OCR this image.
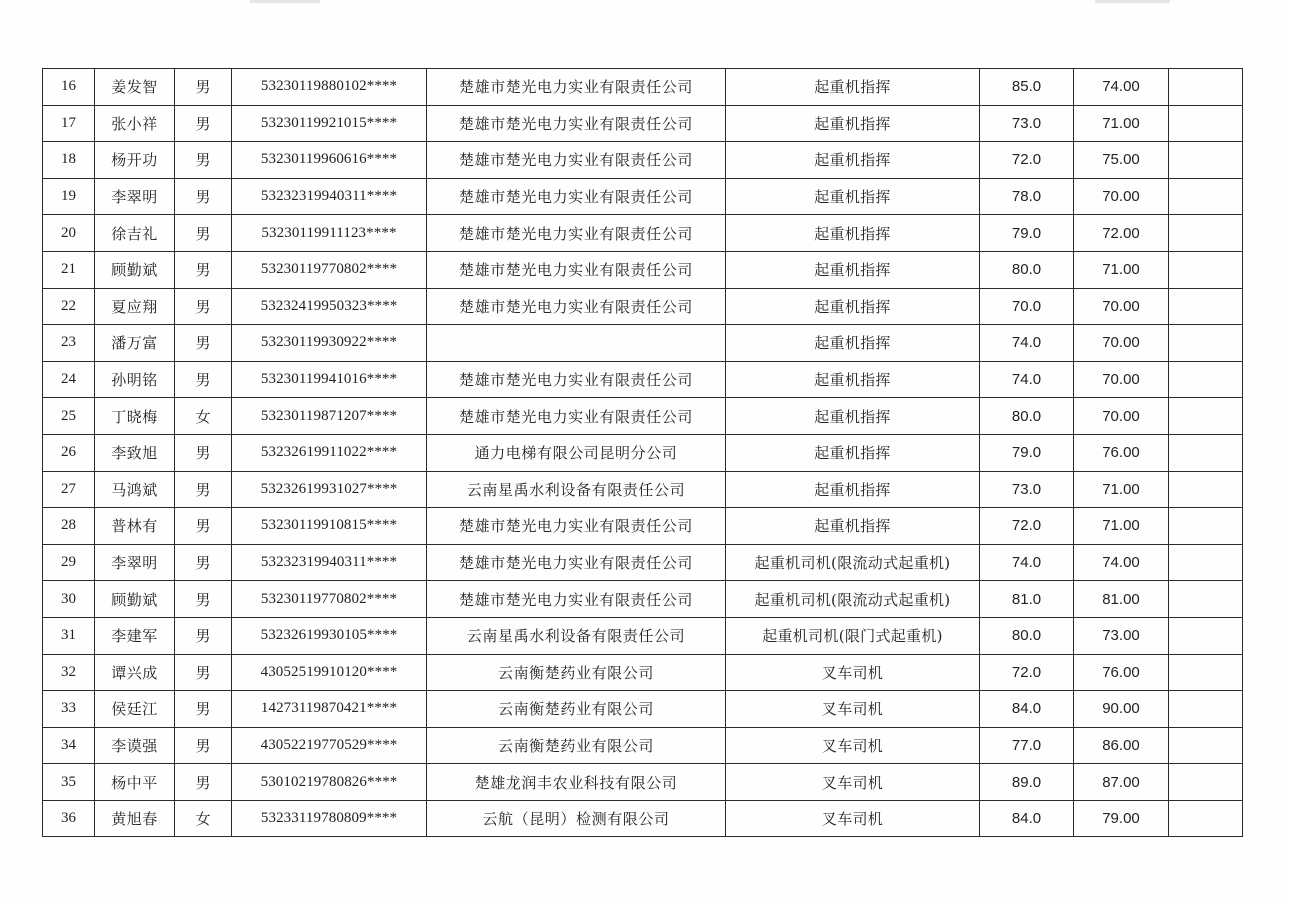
16	姜发智	男	53230119880102****	楚雄市楚光电力实业有限责任公司	起重机指挥	85.0	74.00	
17	张小祥	男	53230119921015****	楚雄市楚光电力实业有限责任公司	起重机指挥	73.0	71.00	
18	杨开功	男	53230119960616****	楚雄市楚光电力实业有限责任公司	起重机指挥	72.0	75.00	
19	李翠明	男	53232319940311****	楚雄市楚光电力实业有限责任公司	起重机指挥	78.0	70.00	
20	徐吉礼	男	53230119911123****	楚雄市楚光电力实业有限责任公司	起重机指挥	79.0	72.00	
21	顾勤斌	男	53230119770802****	楚雄市楚光电力实业有限责任公司	起重机指挥	80.0	71.00	
22	夏应翔	男	53232419950323****	楚雄市楚光电力实业有限责任公司	起重机指挥	70.0	70.00	
23	潘万富	男	53230119930922****		起重机指挥	74.0	70.00	
24	孙明铭	男	53230119941016****	楚雄市楚光电力实业有限责任公司	起重机指挥	74.0	70.00	
25	丁晓梅	女	53230119871207****	楚雄市楚光电力实业有限责任公司	起重机指挥	80.0	70.00	
26	李致旭	男	53232619911022****	通力电梯有限公司昆明分公司	起重机指挥	79.0	76.00	
27	马鸿斌	男	53232619931027****	云南星禹水利设备有限责任公司	起重机指挥	73.0	71.00	
28	普林有	男	53230119910815****	楚雄市楚光电力实业有限责任公司	起重机指挥	72.0	71.00	
29	李翠明	男	53232319940311****	楚雄市楚光电力实业有限责任公司	起重机司机(限流动式起重机)	74.0	74.00	
30	顾勤斌	男	53230119770802****	楚雄市楚光电力实业有限责任公司	起重机司机(限流动式起重机)	81.0	81.00	
31	李建军	男	53232619930105****	云南星禹水利设备有限责任公司	起重机司机(限门式起重机)	80.0	73.00	
32	谭兴成	男	43052519910120****	云南衡楚药业有限公司	叉车司机	72.0	76.00	
33	侯廷江	男	14273119870421****	云南衡楚药业有限公司	叉车司机	84.0	90.00	
34	李谟强	男	43052219770529****	云南衡楚药业有限公司	叉车司机	77.0	86.00	
35	杨中平	男	53010219780826****	楚雄龙润丰农业科技有限公司	叉车司机	89.0	87.00	
36	黄旭春	女	53233119780809****	云航（昆明）检测有限公司	叉车司机	84.0	79.00	
